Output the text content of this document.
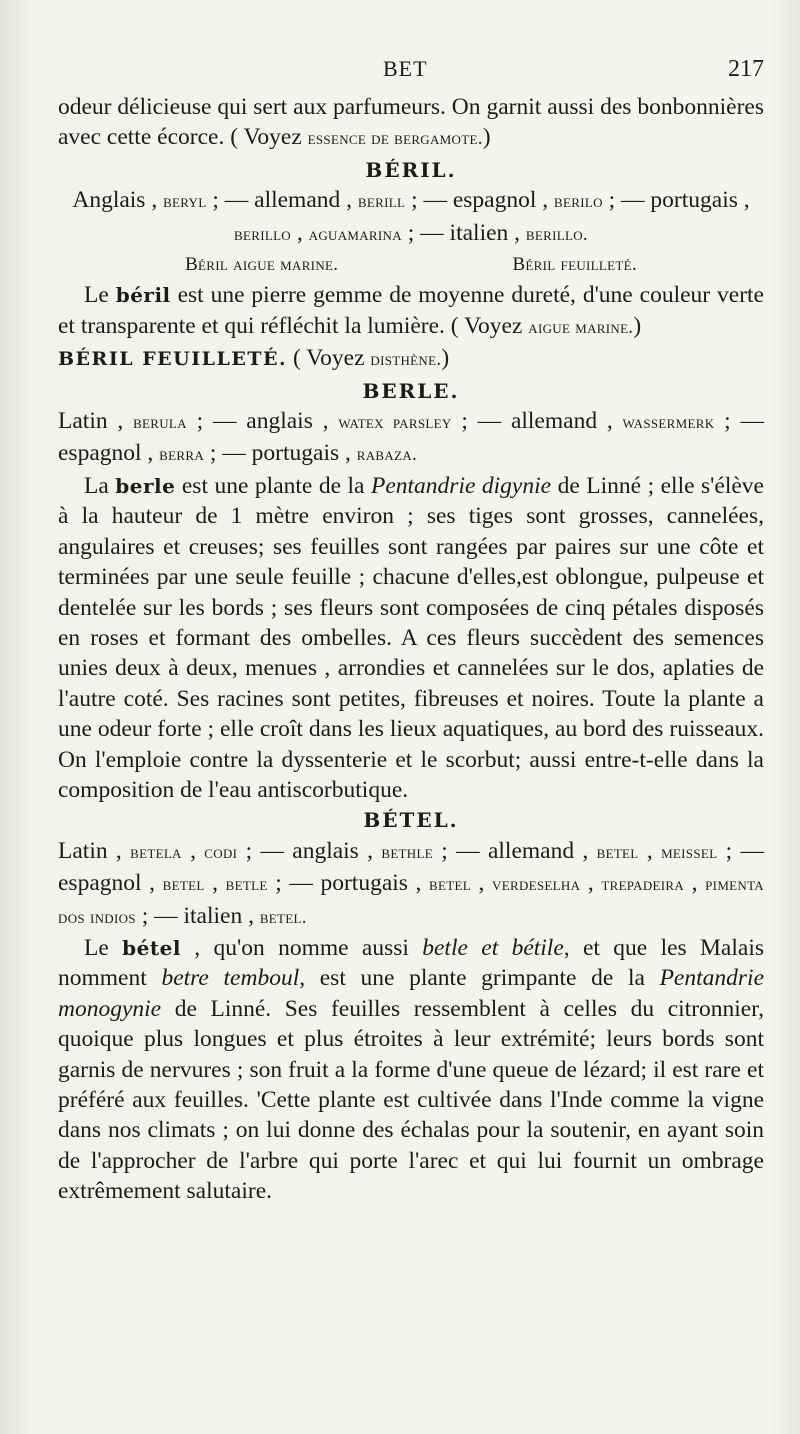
BET	217

odeur délicieuse qui sert aux parfumeurs. On garnit aussi des bonbonnières avec cette écorce. ( Voyez essence de bergamote.)

BÉRIL.

Anglais , beryl ; — allemand , berill ; — espagnol , berilo ; — portugais , berillo , aguamarina ; — italien , berillo.

Béril aigue marine.	Béril feuilleté.

Le béril est une pierre gemme de moyenne dureté, d'une couleur verte et transparente et qui réfléchit la lumière. ( Voyez aigue marine.)

BÉRIL FEUILLETÉ. ( Voyez disthène.)

BERLE.

Latin , berula ; — anglais , watex parsley ; — allemand , wassermerk ; — espagnol , berra ; — portugais , rabaza.

La berle est une plante de la Pentandrie digynie de Linné ; elle s'élève à la hauteur de 1 mètre environ ; ses tiges sont grosses, cannelées, angulaires et creuses; ses feuilles sont rangées par paires sur une côte et terminées par une seule feuille ; chacune d'elles,est oblongue, pulpeuse et dentelée sur les bords ; ses fleurs sont composées de cinq pétales disposés en roses et formant des ombelles. A ces fleurs succèdent des semences unies deux à deux, menues , arrondies et cannelées sur le dos, aplaties de l'autre coté. Ses racines sont petites, fibreuses et noires. Toute la plante a une odeur forte ; elle croît dans les lieux aquatiques, au bord des ruisseaux. On l'emploie contre la dyssenterie et le scorbut; aussi entre-t-elle dans la composition de l'eau antiscorbutique.

BÉTEL.

Latin , betela , codi ; — anglais , bethle ; — allemand , betel , meissel ; — espagnol , betel , betle ; — portugais , betel , verdeselha , trepadeira , pimenta dos indios ; — italien , betel.

Le bétel , qu'on nomme aussi betle et bétile, et que les Malais nomment betre temboul, est une plante grimpante de la Pentandrie monogynie de Linné. Ses feuilles ressemblent à celles du citronnier, quoique plus longues et plus étroites à leur extrémité; leurs bords sont garnis de nervures ; son fruit a la forme d'une queue de lézard; il est rare et préféré aux feuilles. 'Cette plante est cultivée dans l'Inde comme la vigne dans nos climats ; on lui donne des échalas pour la soutenir, en ayant soin de l'approcher de l'arbre qui porte l'arec et qui lui fournit un ombrage extrêmement salutaire.
